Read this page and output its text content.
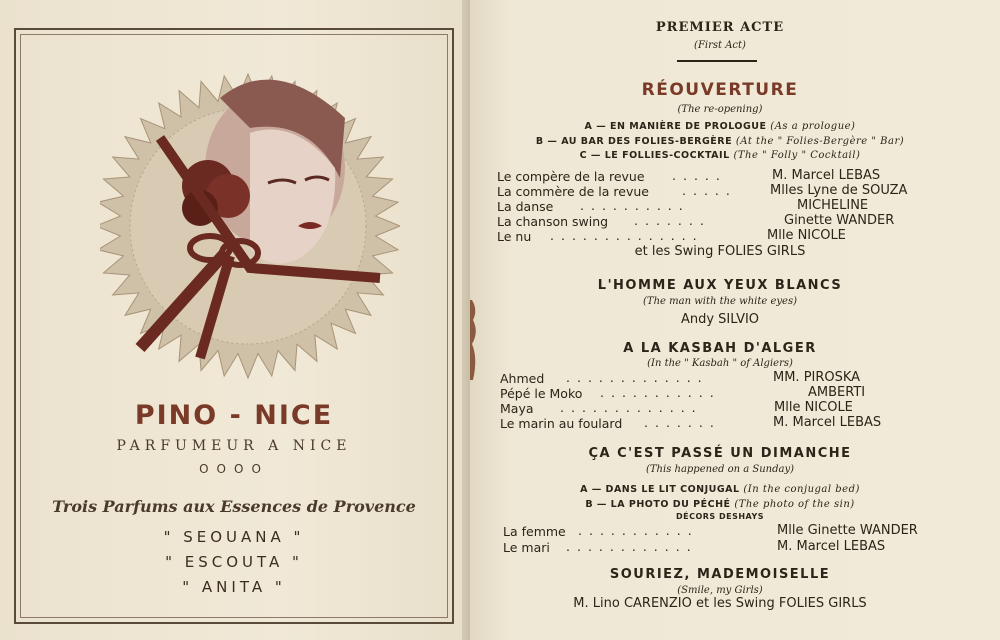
PINO - NICE
PARFUMEUR A NICE
OOOO
Trois Parfums aux Essences de Provence
" SEOUANA "
" ESCOUTA "
" ANITA "
PREMIER ACTE
(First Act)
RÉOUVERTURE
(The re-opening)
A — EN MANIÈRE DE PROLOGUE (As a prologue)
B — AU BAR DES FOLIES-BERGÈRE (At the " Folies-Bergère " Bar)
C — LE FOLLIES-COCKTAIL (The " Folly " Cocktail)
Le compère de la revue .....	M. Marcel LEBAS
La commère de la revue	.....	Mlles Lyne de SOUZA
La danse ..........	MICHELINE
La chanson swing .......	Ginette WANDER
Le nu ..............	Mlle NICOLE
et les Swing FOLIES GIRLS
L'HOMME AUX YEUX BLANCS
(The man with the white eyes)
Andy SILVIO
A LA KASBAH D'ALGER
(In the " Kasbah " of Algiers)
Ahmed .............	MM. PIROSKA
Pépé le Moko ...........	AMBERTI
Maya .............	Mlle NICOLE
Le marin au foulard .......	M. Marcel LEBAS
ÇA C'EST PASSÉ UN DIMANCHE
(This happened on a Sunday)
A — DANS LE LIT CONJUGAL (In the conjugal bed)
B — LA PHOTO DU PÉCHÉ (The photo of the sin)
DÉCORS DESHAYS
La femme ...........	Mlle Ginette WANDER
Le mari ............	M. Marcel LEBAS
SOURIEZ, MADEMOISELLE
(Smile, my Girls)
M. Lino CARENZIO et les Swing FOLIES GIRLS
